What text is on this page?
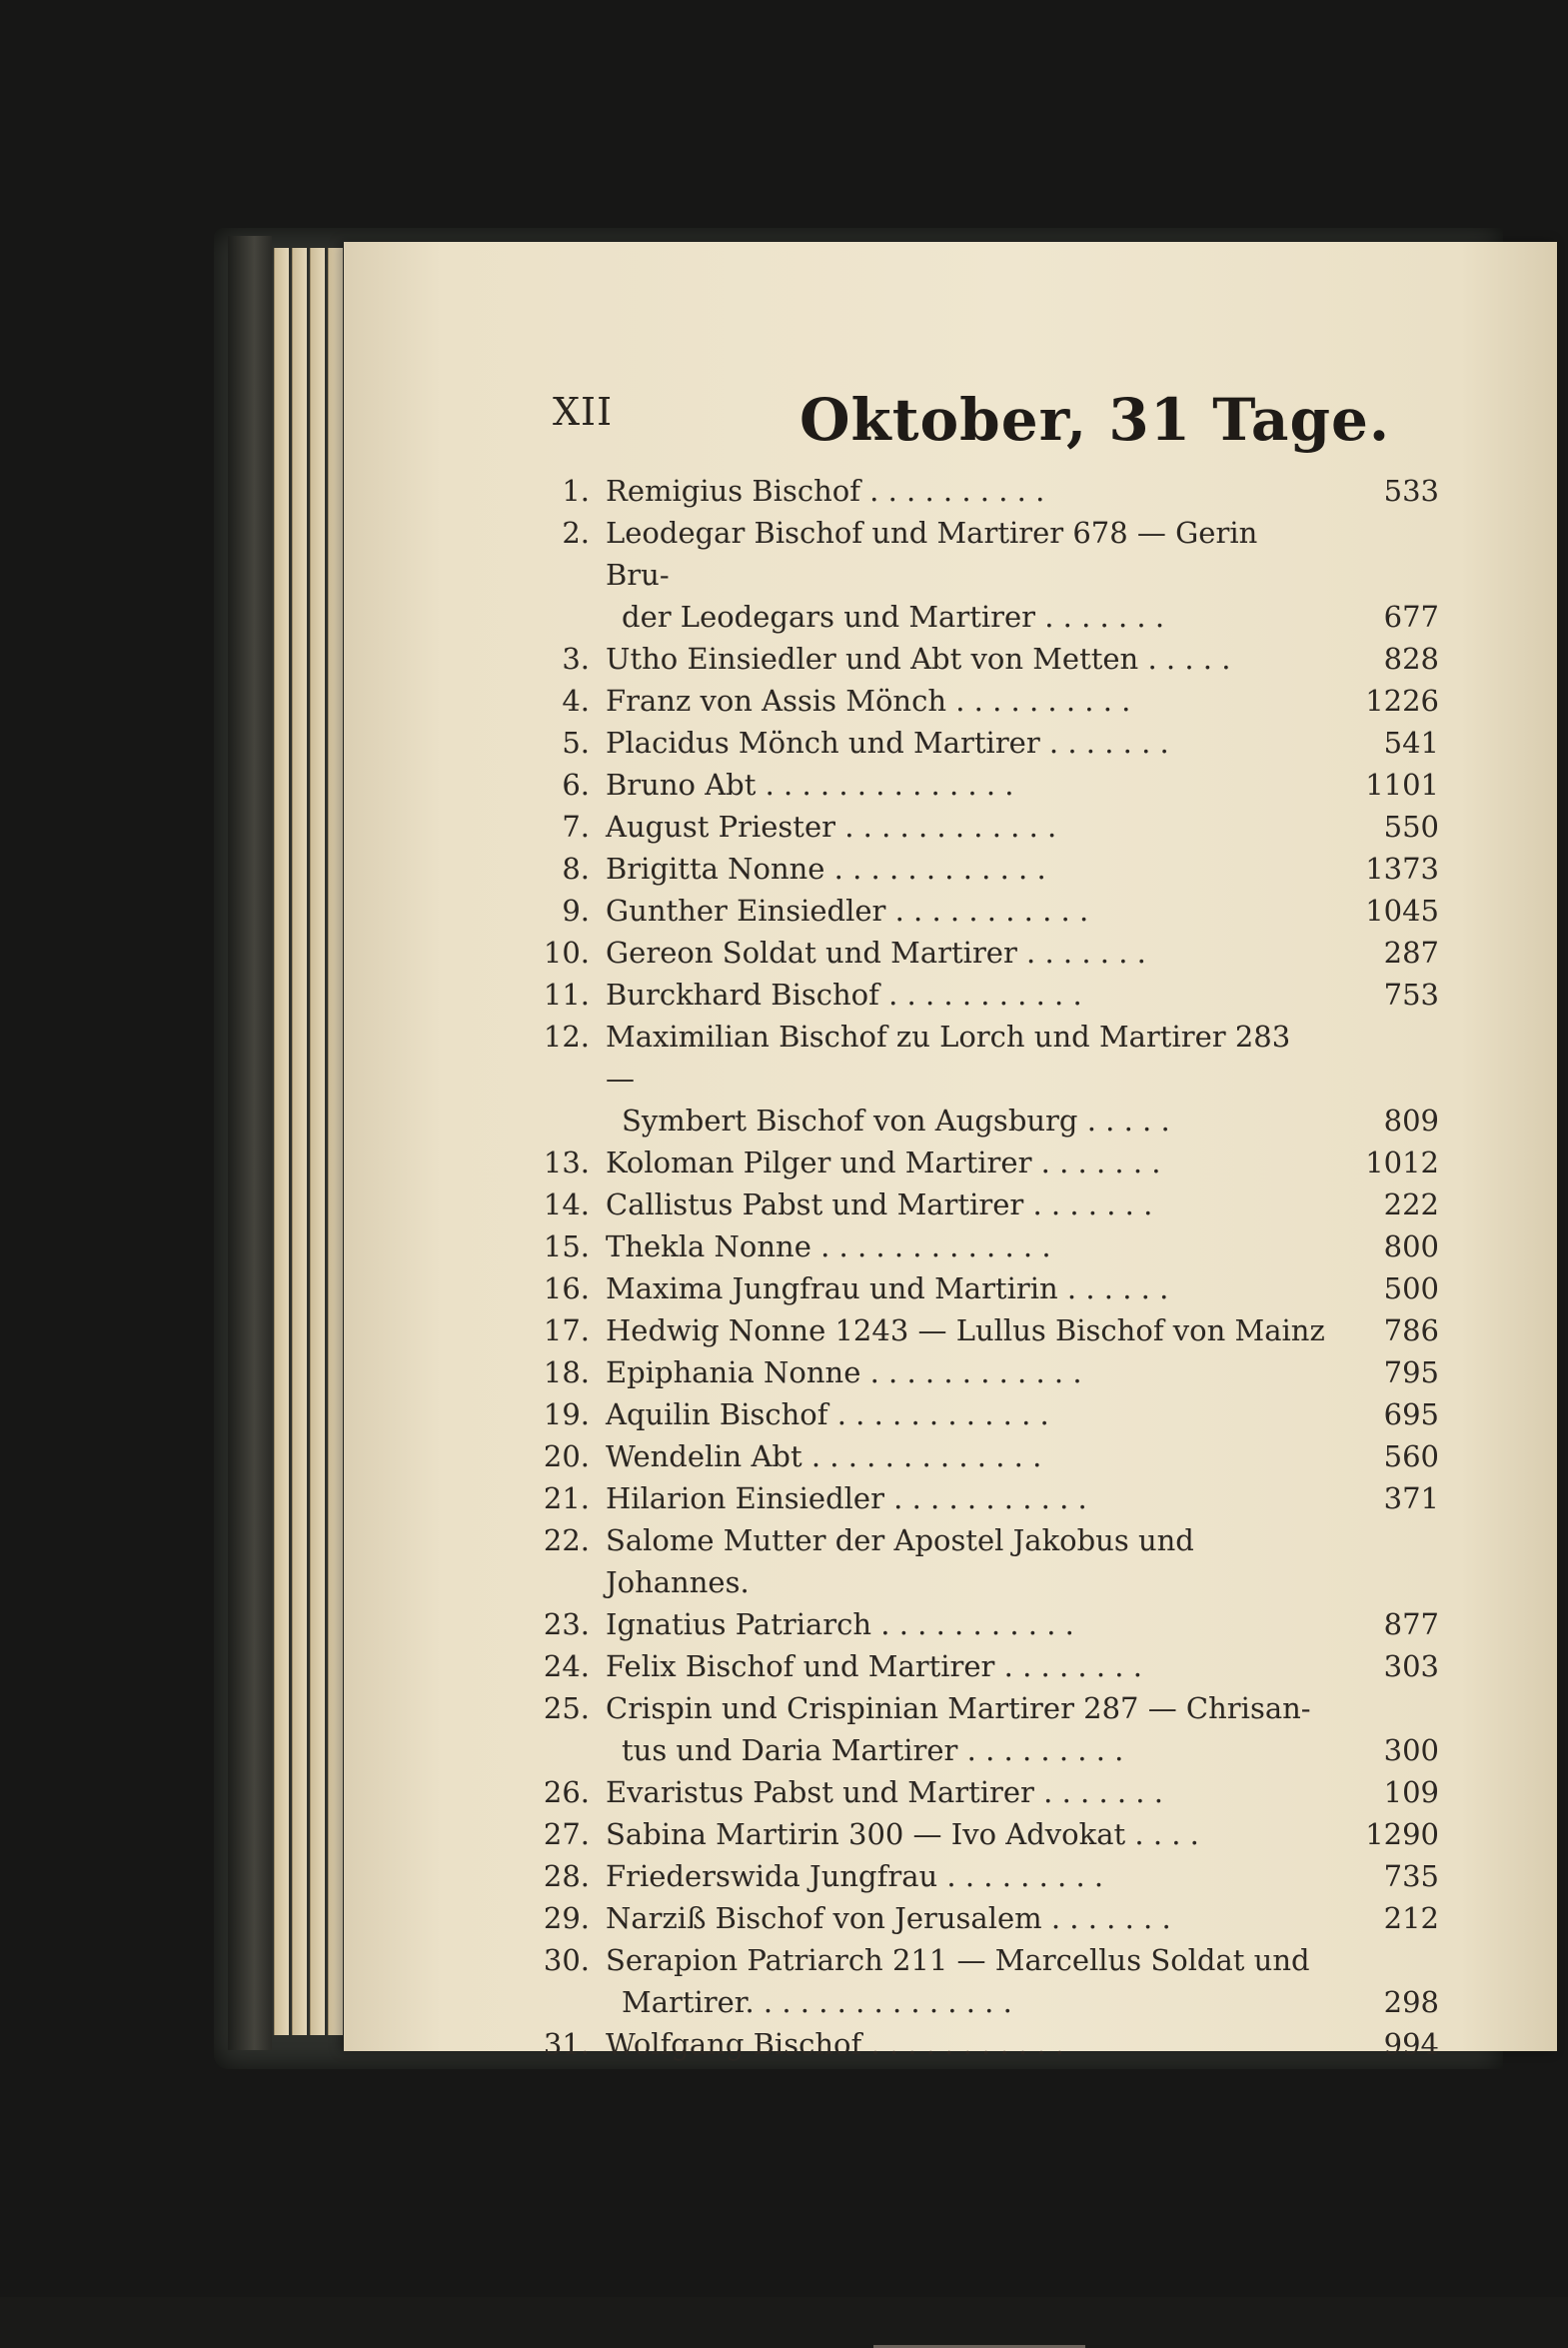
XII	Oktober, 31 Tage.
1. Remigius Bischof . . . . . . . . . .	533
2. Leodegar Bischof und Martirer 678 — Gerin Bru-
der Leodegars und Martirer . . . . . . .	677
3. Utho Einsiedler und Abt von Metten . . . . .	828
4. Franz von Assis Mönch . . . . . . . . . .	1226
5. Placidus Mönch und Martirer . . . . . . .	541
6. Bruno Abt . . . . . . . . . . . . . .	1101
7. August Priester . . . . . . . . . . . .	550
8. Brigitta Nonne . . . . . . . . . . . .	1373
9. Gunther Einsiedler . . . . . . . . . . .	1045
10. Gereon Soldat und Martirer . . . . . . .	287
11. Burckhard Bischof . . . . . . . . . . .	753
12. Maximilian Bischof zu Lorch und Martirer 283 —
Symbert Bischof von Augsburg . . . . .	809
13. Koloman Pilger und Martirer . . . . . . .	1012
14. Callistus Pabst und Martirer . . . . . . .	222
15. Thekla Nonne . . . . . . . . . . . . .	800
16. Maxima Jungfrau und Martirin . . . . . .	500
17. Hedwig Nonne 1243 — Lullus Bischof von Mainz	786
18. Epiphania Nonne . . . . . . . . . . . .	795
19. Aquilin Bischof . . . . . . . . . . . .	695
20. Wendelin Abt . . . . . . . . . . . . .	560
21. Hilarion Einsiedler . . . . . . . . . . .	371
22. Salome Mutter der Apostel Jakobus und Johannes.
23. Ignatius Patriarch . . . . . . . . . . .	877
24. Felix Bischof und Martirer . . . . . . . .	303
25. Crispin und Crispinian Martirer 287 — Chrisan-
tus und Daria Martirer . . . . . . . . .	300
26. Evaristus Pabst und Martirer . . . . . . .	109
27. Sabina Martirin 300 — Ivo Advokat . . . .	1290
28. Friederswida Jungfrau . . . . . . . . .	735
29. Narziß Bischof von Jerusalem . . . . . . .	212
30. Serapion Patriarch 211 — Marcellus Soldat und
Martirer. . . . . . . . . . . . . . .	298
31. Wolfgang Bischof . . . . . . . . . . .	994
